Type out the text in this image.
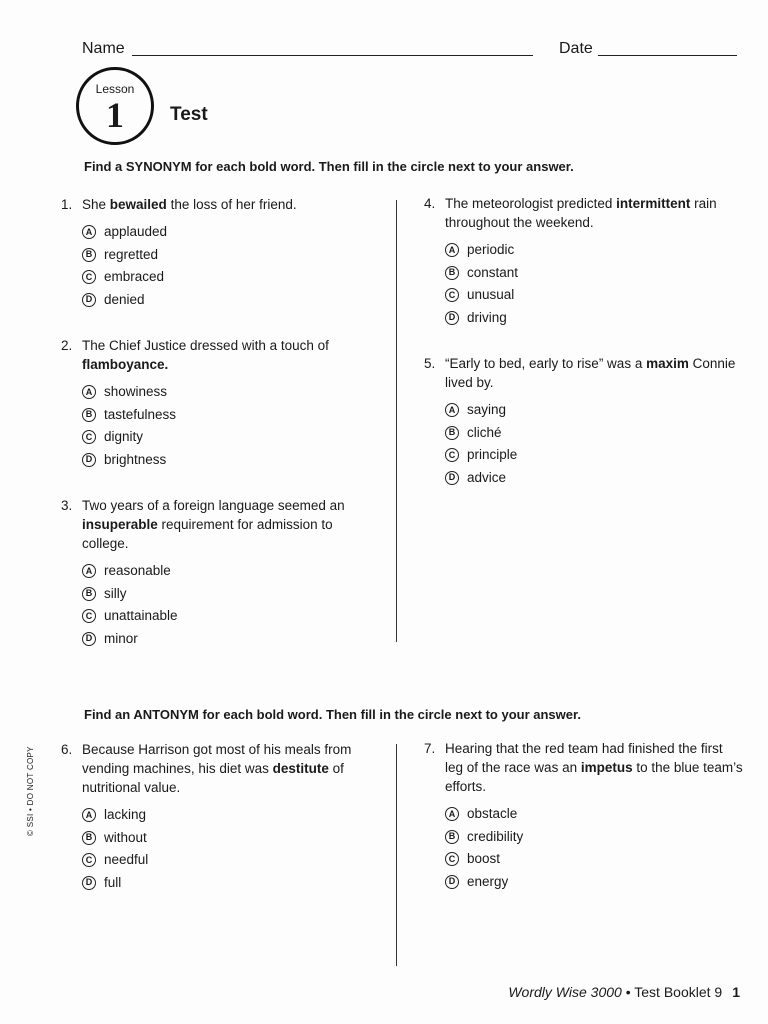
Name	Date
Lesson
1	Test
Find a SYNONYM for each bold word. Then fill in the circle next to your answer.
1. She bewailed the loss of her friend.
A applauded
B regretted
C embraced
D denied
2. The Chief Justice dressed with a touch of flamboyance.
A showiness
B tastefulness
C dignity
D brightness
3. Two years of a foreign language seemed an insuperable requirement for admission to college.
A reasonable
B silly
C unattainable
D minor
4. The meteorologist predicted intermittent rain throughout the weekend.
A periodic
B constant
C unusual
D driving
5. “Early to bed, early to rise” was a maxim Connie lived by.
A saying
B cliché
C principle
D advice
Find an ANTONYM for each bold word. Then fill in the circle next to your answer.
6. Because Harrison got most of his meals from vending machines, his diet was destitute of nutritional value.
A lacking
B without
C needful
D full
7. Hearing that the red team had finished the first leg of the race was an impetus to the blue team’s efforts.
A obstacle
B credibility
C boost
D energy
© SSI • DO NOT COPY
Wordly Wise 3000 • Test Booklet 9 1
